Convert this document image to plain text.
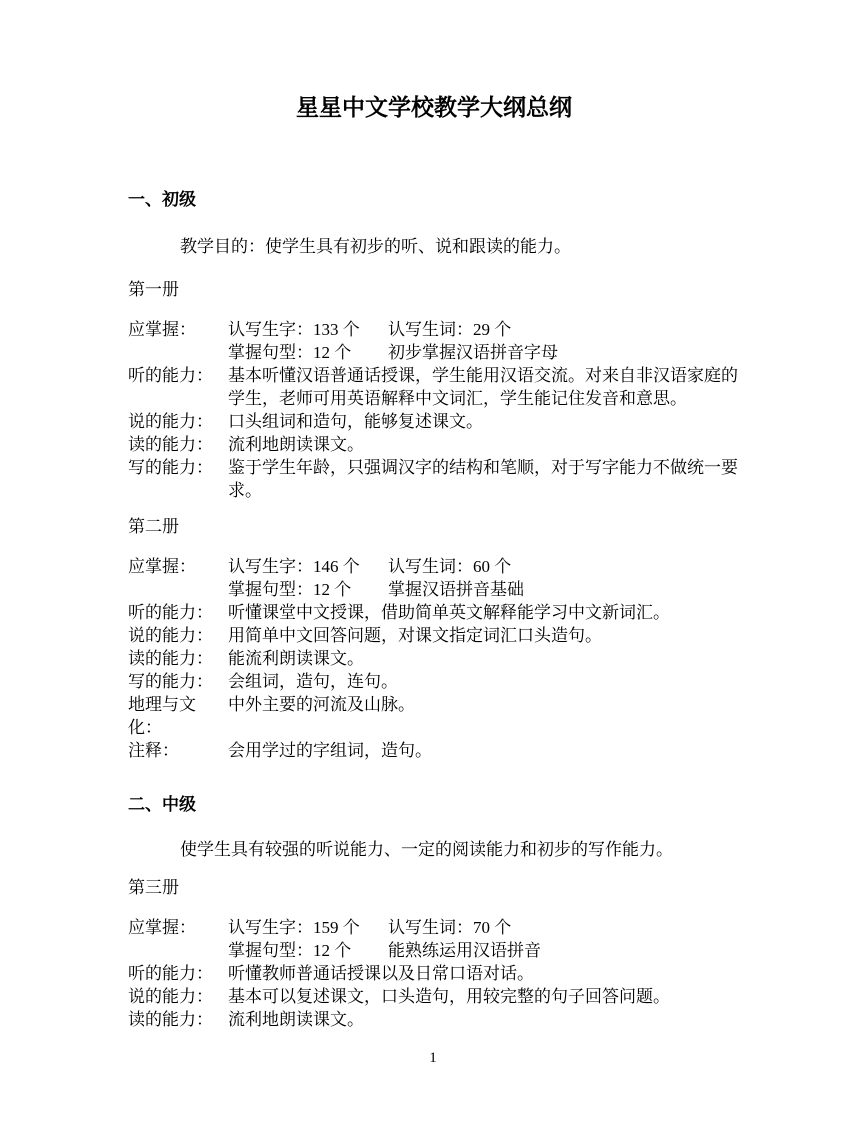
星星中文学校教学大纲总纲
一、初级

教学目的：使学生具有初步的听、说和跟读的能力。

第一册

应掌握：	认写生字：133 个 认写生词：29 个
掌握句型：12 个 初步掌握汉语拼音字母
听的能力： 基本听懂汉语普通话授课，学生能用汉语交流。对来自非汉语家庭的学生，老师可用英语解释中文词汇，学生能记住发音和意思。
说的能力： 口头组词和造句，能够复述课文。
读的能力： 流利地朗读课文。
写的能力： 鉴于学生年龄，只强调汉字的结构和笔顺，对于写字能力不做统一要求。

第二册

应掌握：	认写生字：146 个 认写生词：60 个
掌握句型：12 个 掌握汉语拼音基础
听的能力： 听懂课堂中文授课，借助简单英文解释能学习中文新词汇。
说的能力： 用简单中文回答问题，对课文指定词汇口头造句。
读的能力： 能流利朗读课文。
写的能力： 会组词，造句，连句。
地理与文化：
中外主要的河流及山脉。
注释：	会用学过的字组词，造句。
二、中级

使学生具有较强的听说能力、一定的阅读能力和初步的写作能力。

第三册

应掌握：	认写生字：159 个 认写生词：70 个
掌握句型：12 个 能熟练运用汉语拼音
听的能力： 听懂教师普通话授课以及日常口语对话。
说的能力： 基本可以复述课文，口头造句，用较完整的句子回答问题。
读的能力： 流利地朗读课文。
1
